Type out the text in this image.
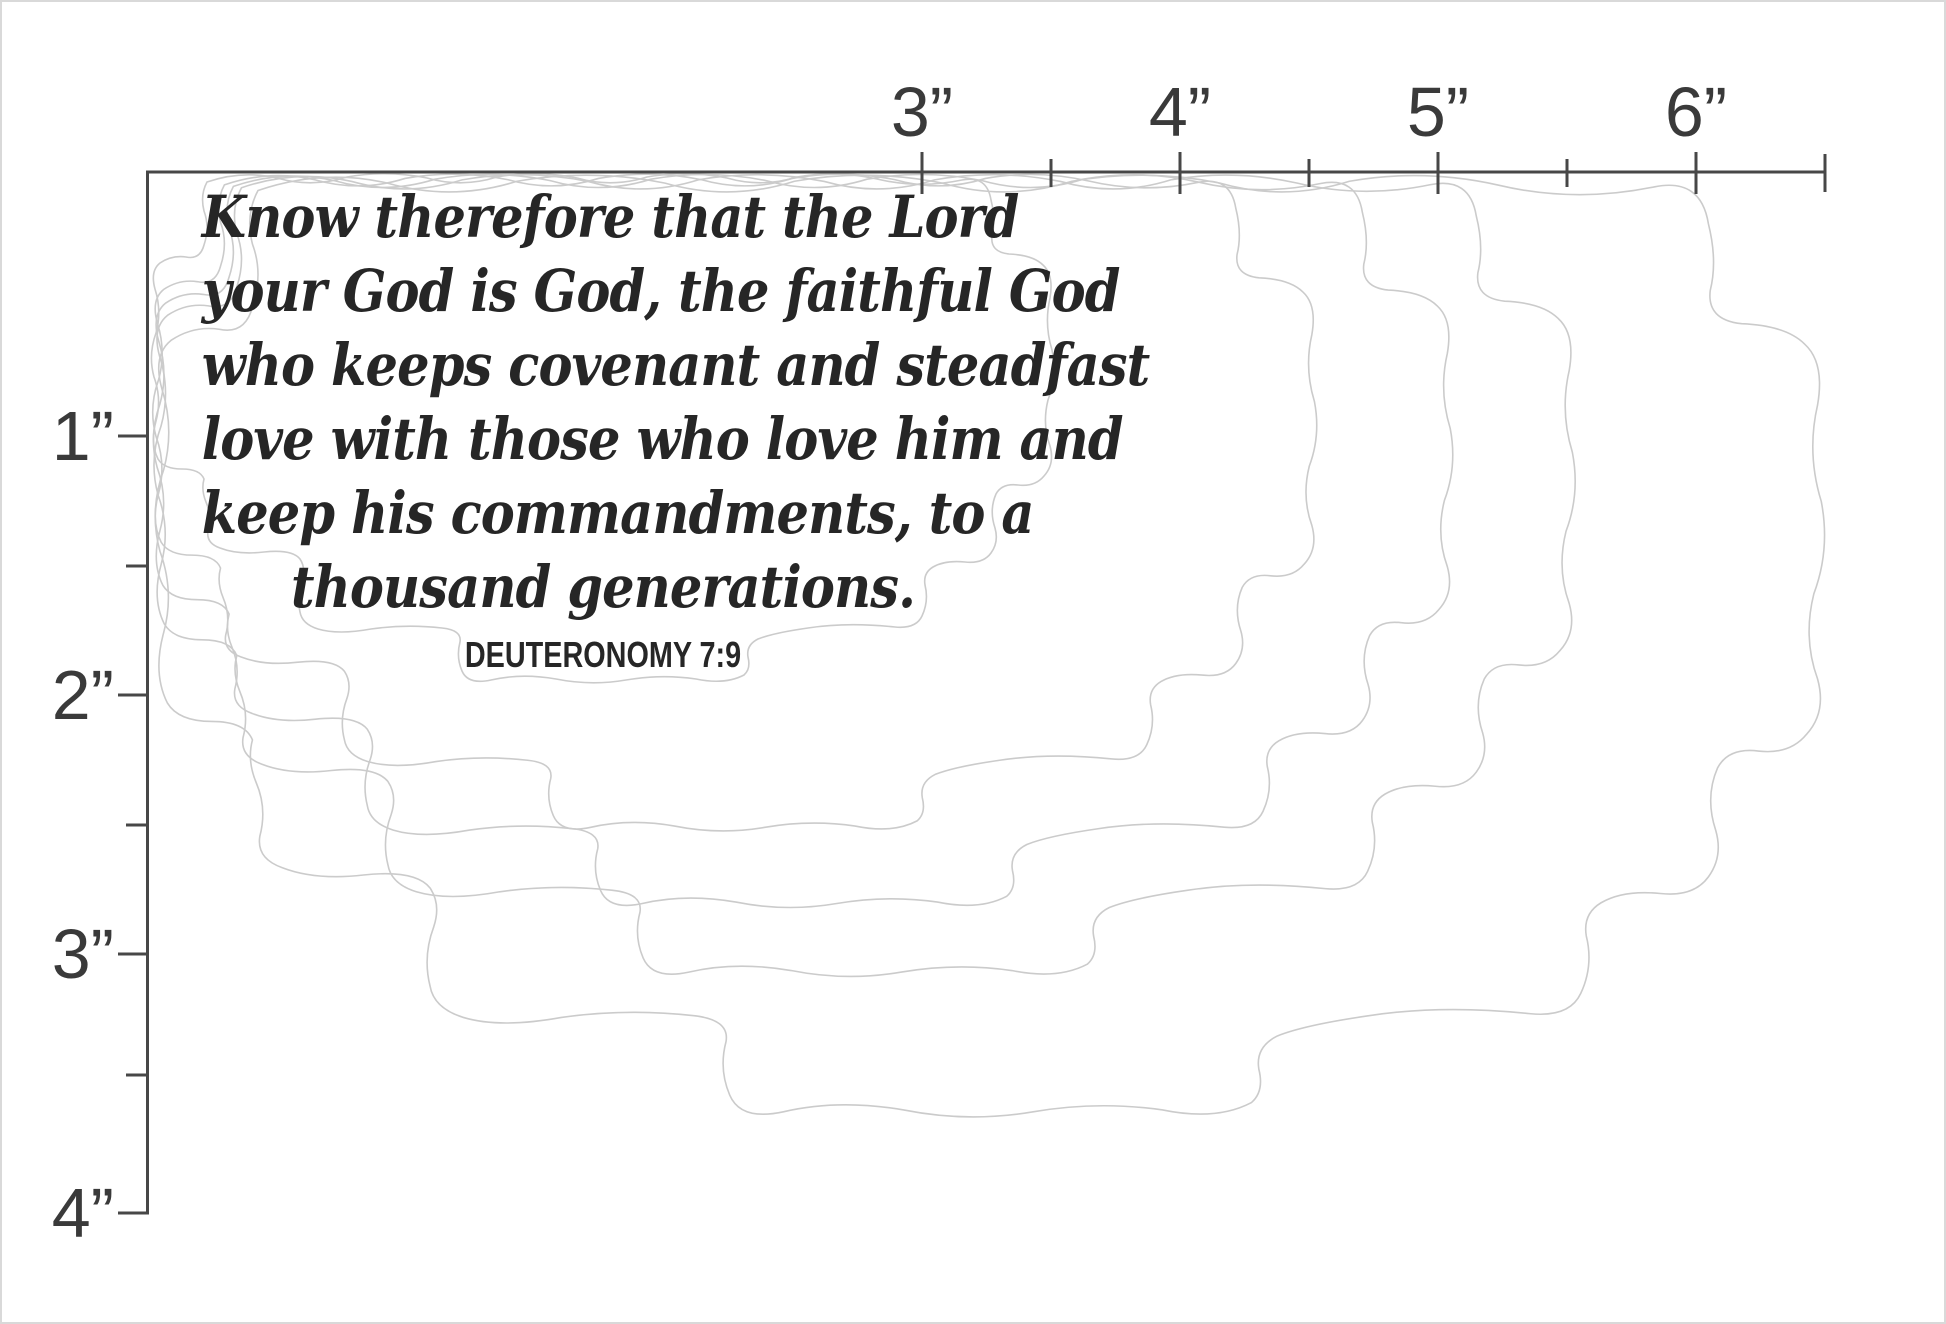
3”	4”	5”	6”
1”
2”
3”
4”
Know therefore that the Lord
your God is God, the faithful God
who keeps covenant and steadfast
love with those who love him and
keep his commandments, to a
thousand generations.
DEUTERONOMY 7:9
